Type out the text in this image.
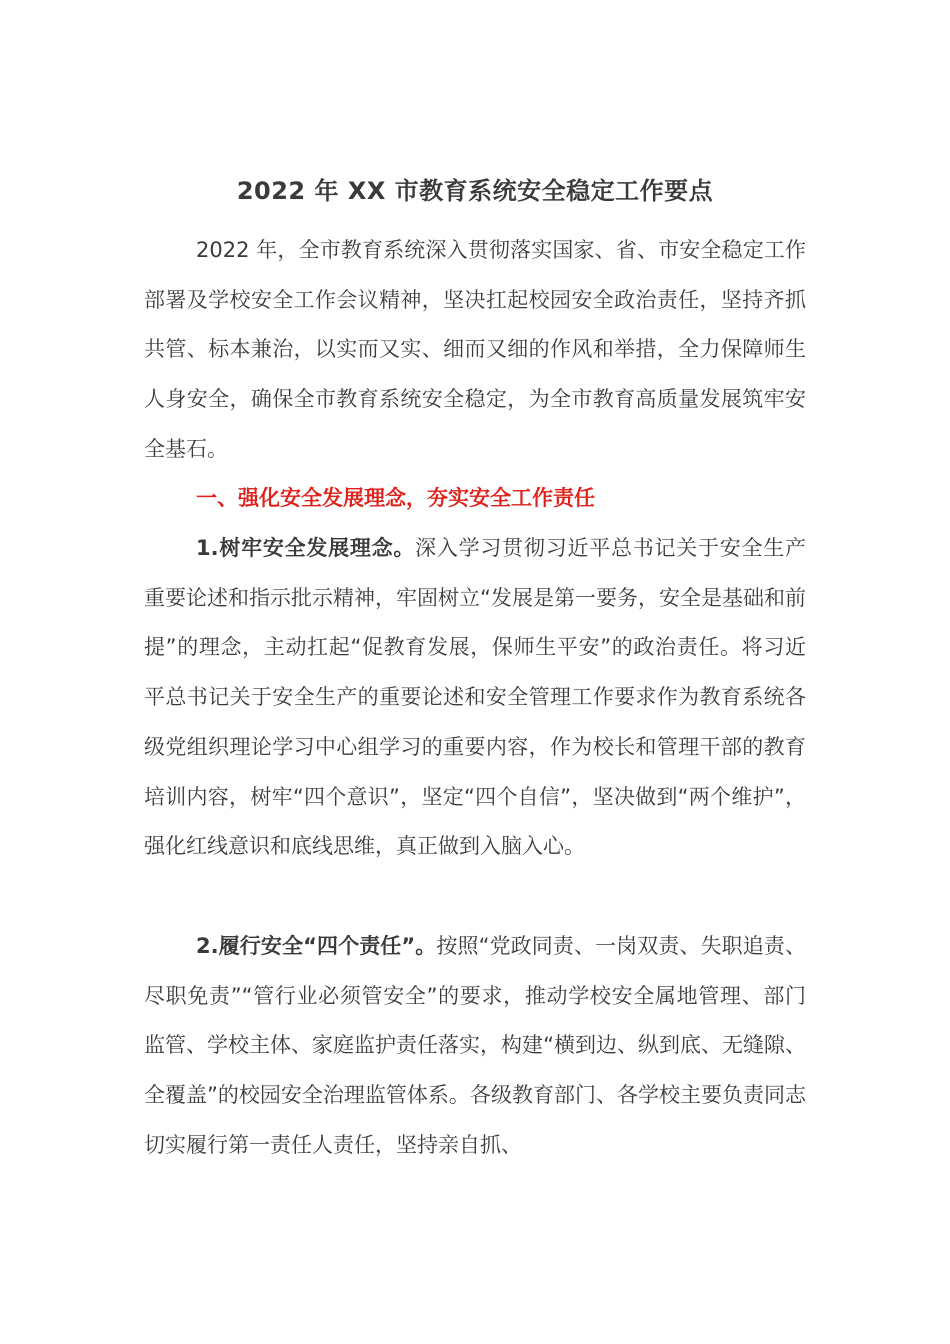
2022 年 XX 市教育系统安全稳定工作要点

2022 年，全市教育系统深入贯彻落实国家、省、市安全稳定工作部署及学校安全工作会议精神，坚决扛起校园安全政治责任，坚持齐抓共管、标本兼治，以实而又实、细而又细的作风和举措，全力保障师生人身安全，确保全市教育系统安全稳定，为全市教育高质量发展筑牢安全基石。

一、强化安全发展理念，夯实安全工作责任

1.树牢安全发展理念。深入学习贯彻习近平总书记关于安全生产重要论述和指示批示精神，牢固树立“发展是第一要务，安全是基础和前提”的理念，主动扛起“促教育发展，保师生平安”的政治责任。将习近平总书记关于安全生产的重要论述和安全管理工作要求作为教育系统各级党组织理论学习中心组学习的重要内容，作为校长和管理干部的教育培训内容，树牢“四个意识”，坚定“四个自信”，坚决做到“两个维护”，强化红线意识和底线思维，真正做到入脑入心。

2.履行安全“四个责任”。按照“党政同责、一岗双责、失职追责、尽职免责”“管行业必须管安全”的要求，推动学校安全属地管理、部门监管、学校主体、家庭监护责任落实，构建“横到边、纵到底、无缝隙、全覆盖”的校园安全治理监管体系。各级教育部门、各学校主要负责同志切实履行第一责任人责任，坚持亲自抓、
